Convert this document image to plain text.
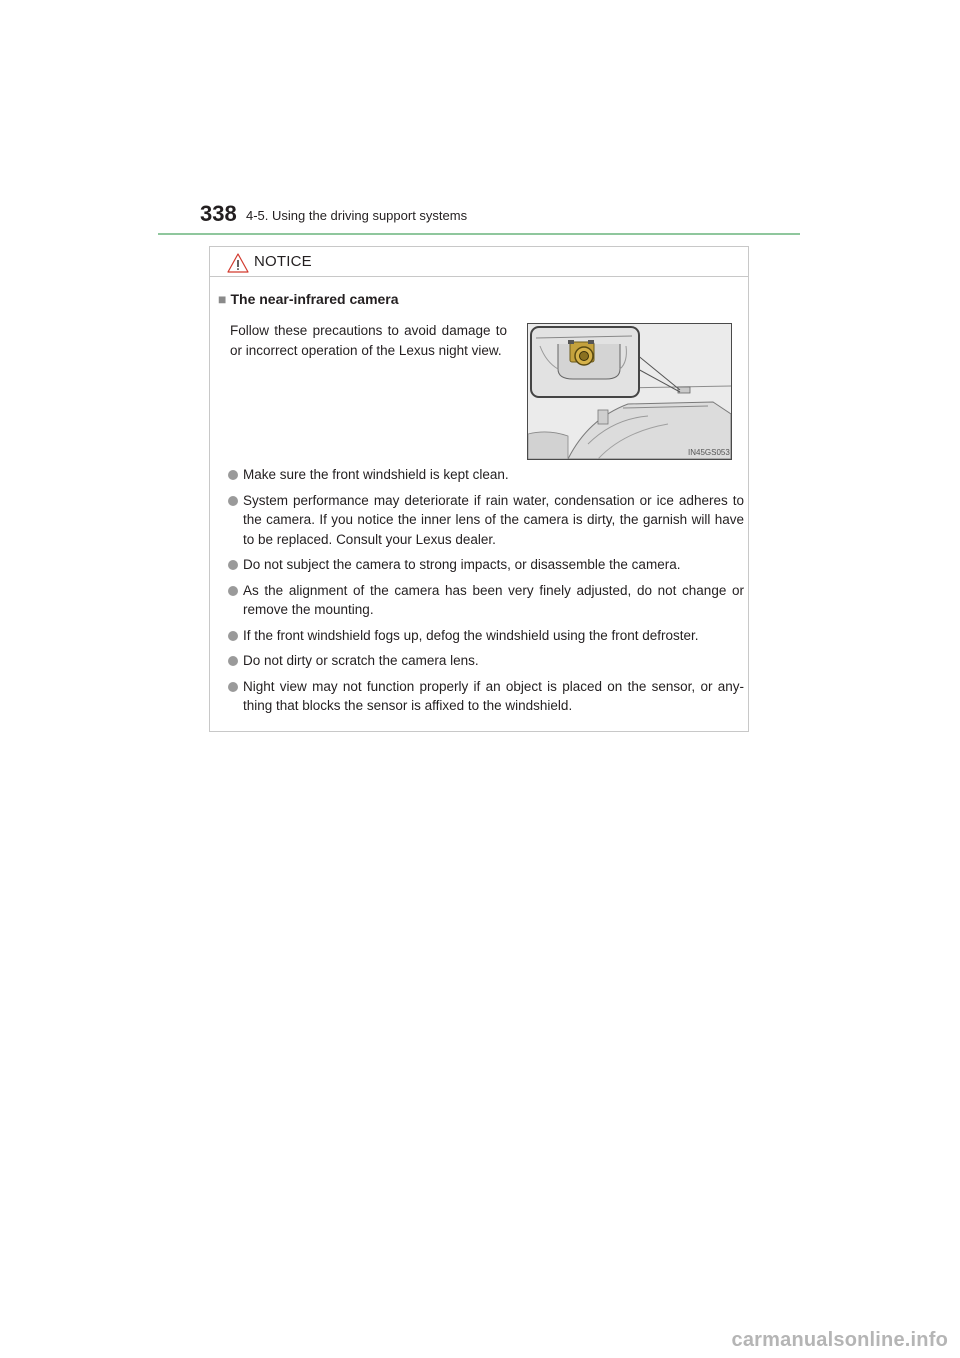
338 4-5. Using the driving support systems
NOTICE
■ The near-infrared camera
Follow these precautions to avoid damage to or incorrect operation of the Lexus night view.
IN45GS053
Make sure the front windshield is kept clean.
System performance may deteriorate if rain water, condensation or ice adheres to the camera. If you notice the inner lens of the camera is dirty, the garnish will have to be replaced. Consult your Lexus dealer.
Do not subject the camera to strong impacts, or disassemble the camera.
As the alignment of the camera has been very finely adjusted, do not change or remove the mounting.
If the front windshield fogs up, defog the windshield using the front defroster.
Do not dirty or scratch the camera lens.
Night view may not function properly if an object is placed on the sensor, or any-thing that blocks the sensor is affixed to the windshield.
carmanualsonline.info
